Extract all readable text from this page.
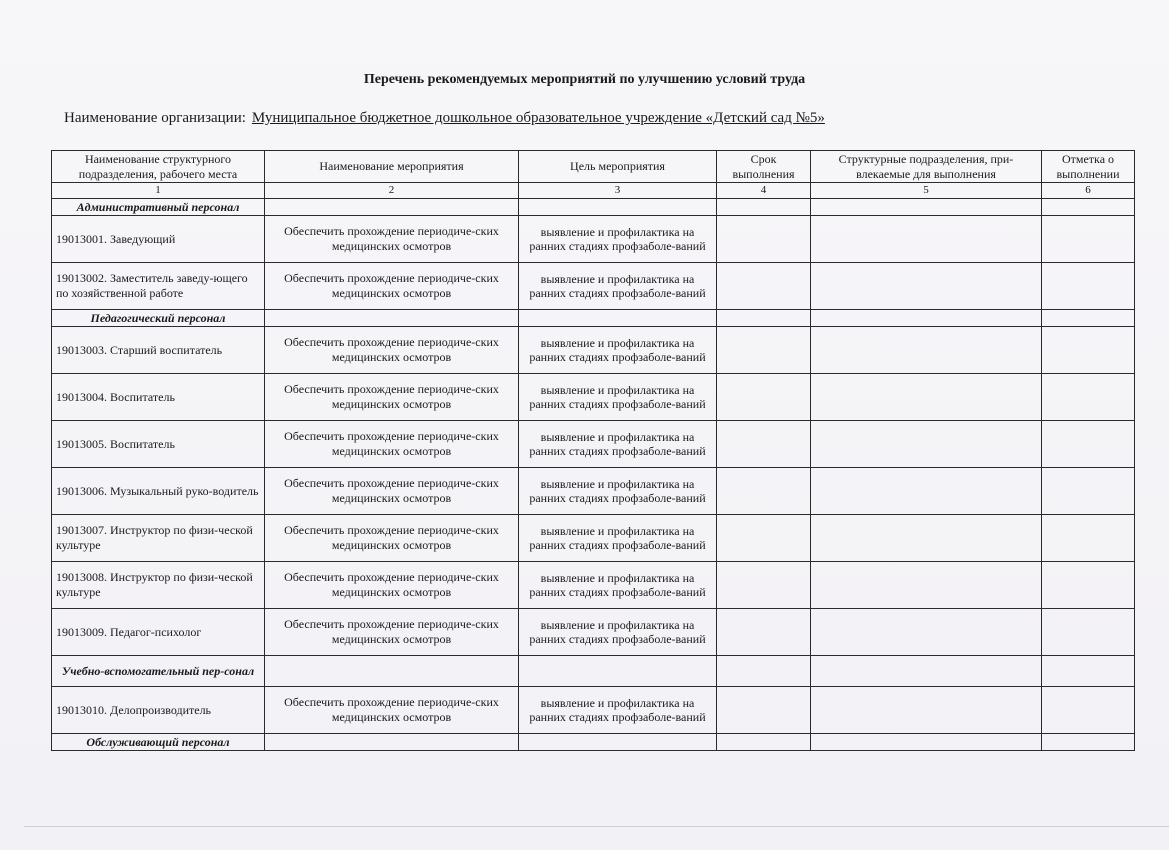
Перечень рекомендуемых мероприятий по улучшению условий труда
Наименование организации: Муниципальное бюджетное дошкольное образовательное учреждение «Детский сад №5»
Наименование структурного подразделения, рабочего места	Наименование мероприятия	Цель мероприятия	Срок выполнения	Структурные подразделения, при-влекаемые для выполнения	Отметка о выполнении
1	2	3	4	5	6
Административный персонал					
19013001. Заведующий	Обеспечить прохождение периодиче-ских медицинских осмотров	выявление и профилактика на ранних стадиях профзаболе-ваний			
19013002. Заместитель заведу-ющего по хозяйственной работе	Обеспечить прохождение периодиче-ских медицинских осмотров	выявление и профилактика на ранних стадиях профзаболе-ваний			
Педагогический персонал					
19013003. Старший воспитатель	Обеспечить прохождение периодиче-ских медицинских осмотров	выявление и профилактика на ранних стадиях профзаболе-ваний			
19013004. Воспитатель	Обеспечить прохождение периодиче-ских медицинских осмотров	выявление и профилактика на ранних стадиях профзаболе-ваний			
19013005. Воспитатель	Обеспечить прохождение периодиче-ских медицинских осмотров	выявление и профилактика на ранних стадиях профзаболе-ваний			
19013006. Музыкальный руко-водитель	Обеспечить прохождение периодиче-ских медицинских осмотров	выявление и профилактика на ранних стадиях профзаболе-ваний			
19013007. Инструктор по физи-ческой культуре	Обеспечить прохождение периодиче-ских медицинских осмотров	выявление и профилактика на ранних стадиях профзаболе-ваний			
19013008. Инструктор по физи-ческой культуре	Обеспечить прохождение периодиче-ских медицинских осмотров	выявление и профилактика на ранних стадиях профзаболе-ваний			
19013009. Педагог-психолог	Обеспечить прохождение периодиче-ских медицинских осмотров	выявление и профилактика на ранних стадиях профзаболе-ваний			
Учебно-вспомогательный пер-сонал					
19013010. Делопроизводитель	Обеспечить прохождение периодиче-ских медицинских осмотров	выявление и профилактика на ранних стадиях профзаболе-ваний			
Обслуживающий персонал					
